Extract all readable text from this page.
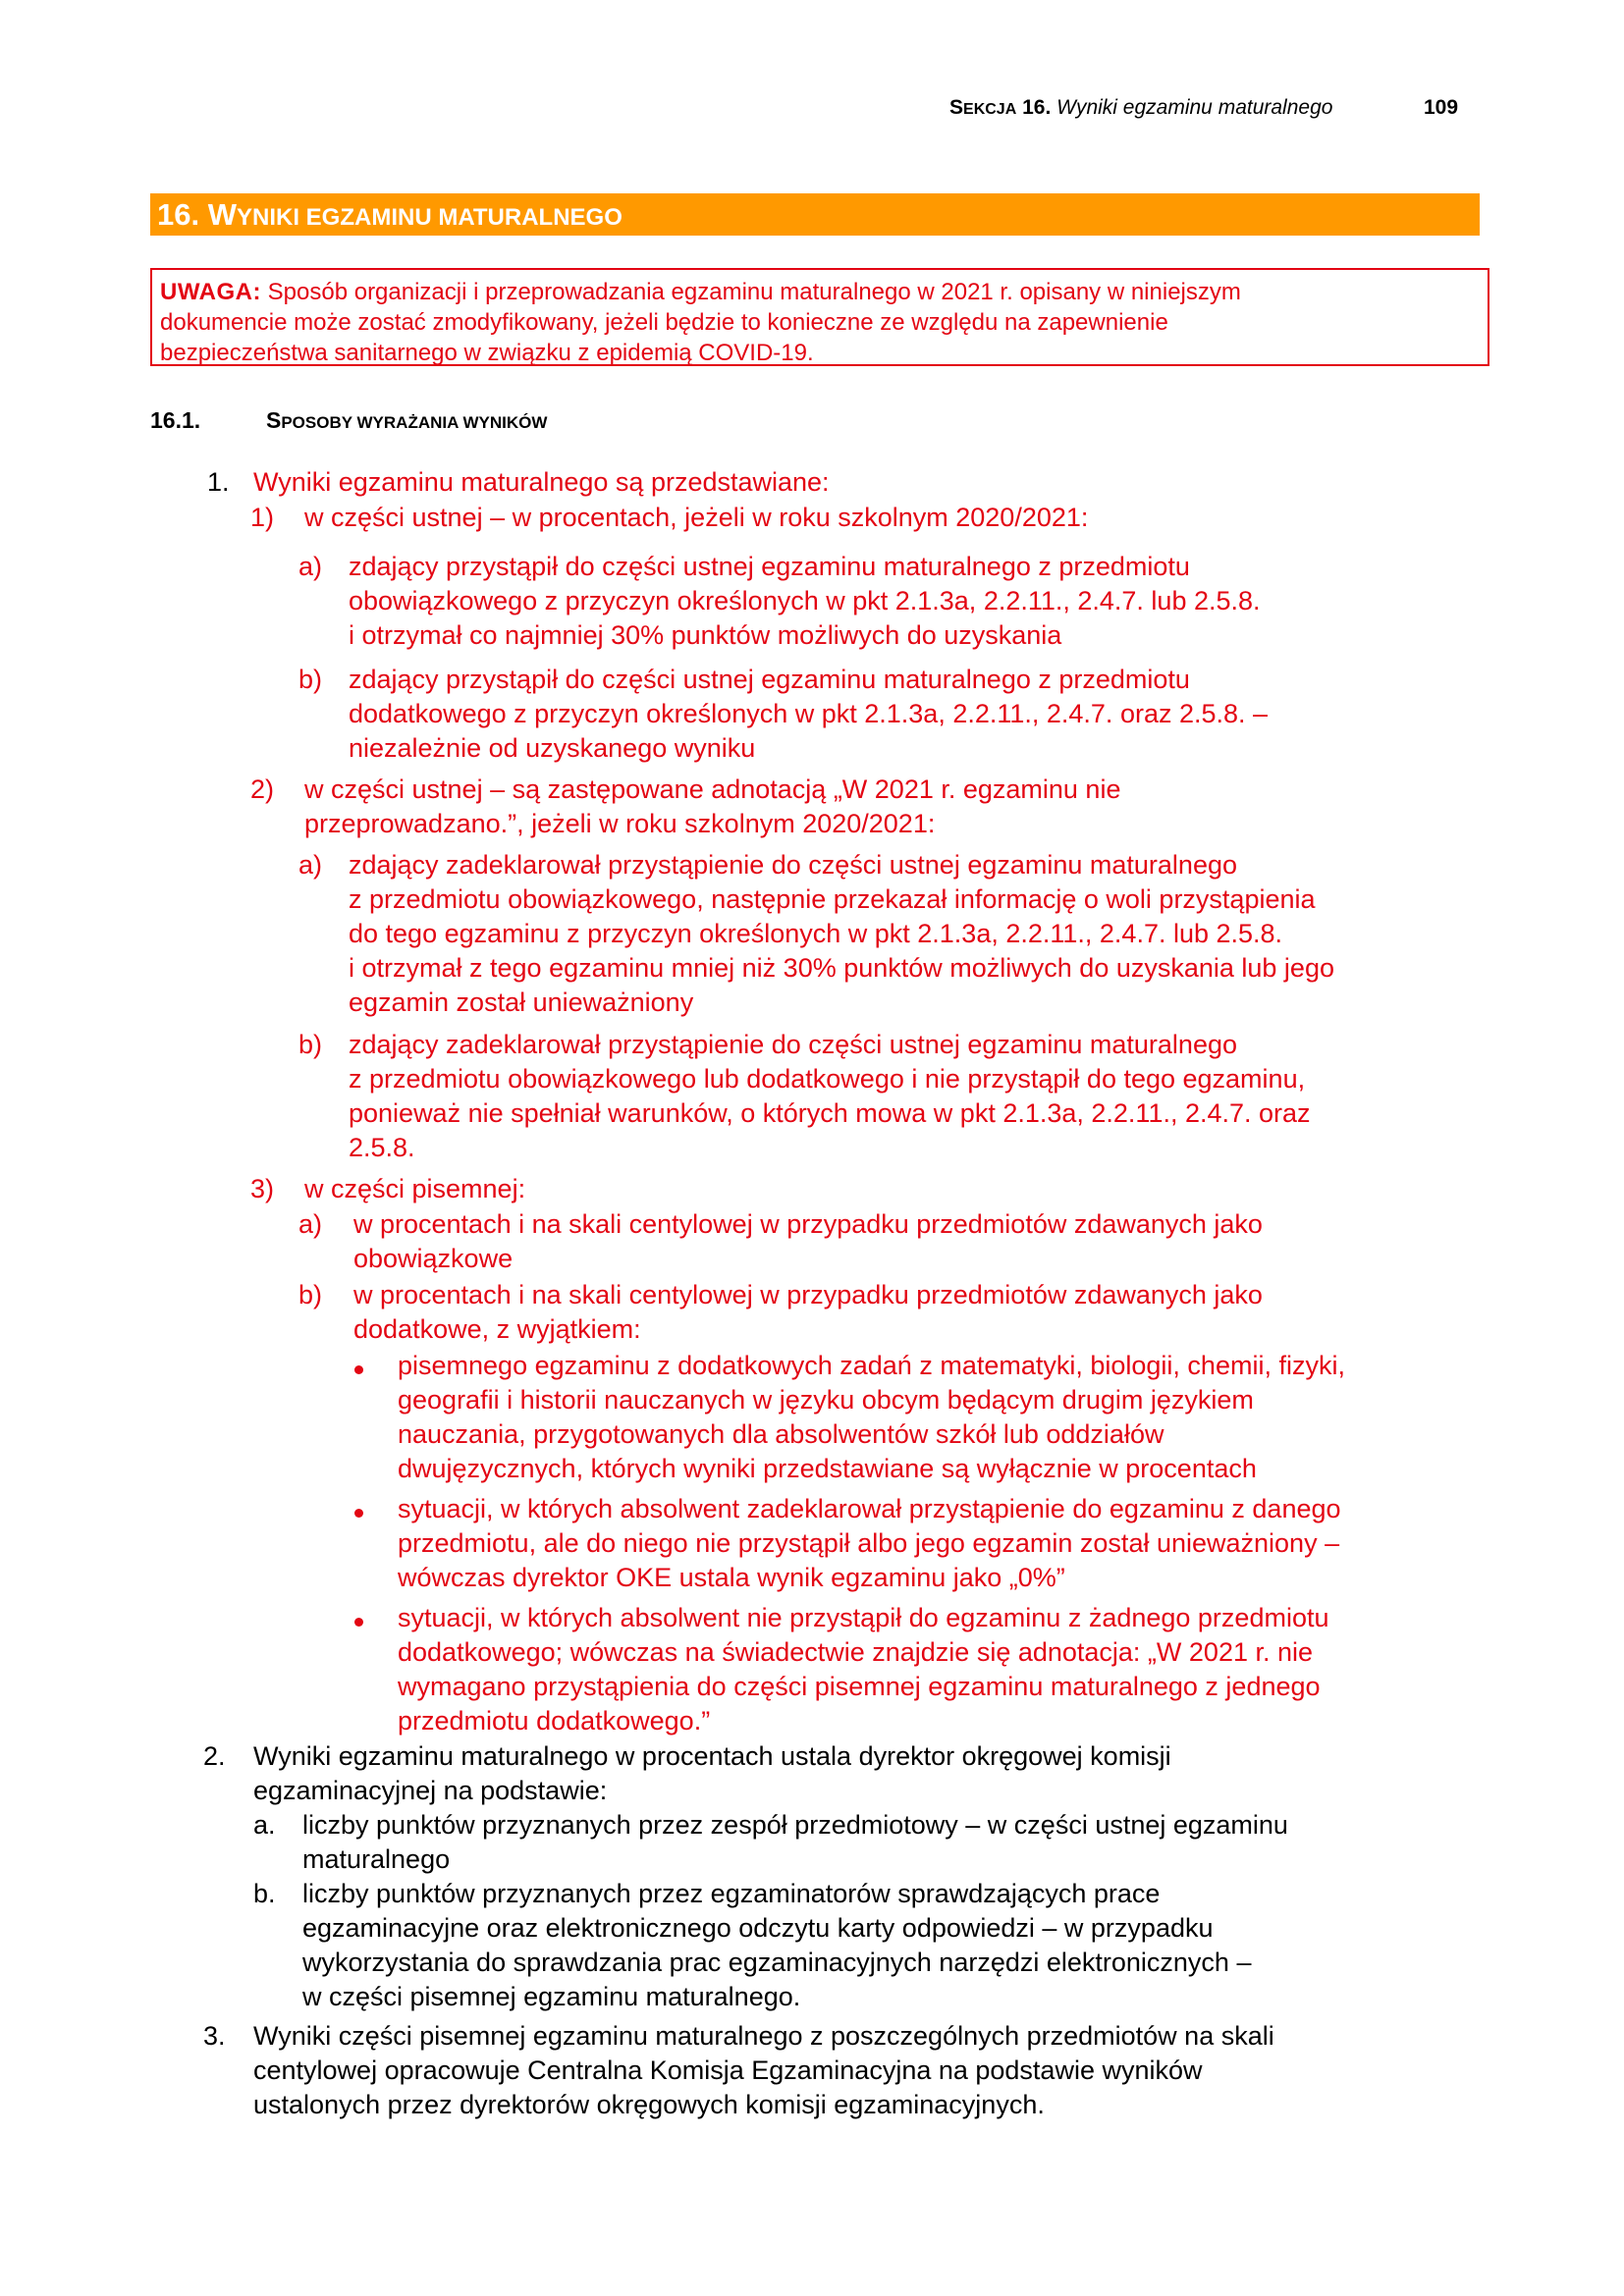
SEKCJA 16. Wyniki egzaminu maturalnego	109
16. WYNIKI EGZAMINU MATURALNEGO
UWAGA: Sposób organizacji i przeprowadzania egzaminu maturalnego w 2021 r. opisany w niniejszym
dokumencie może zostać zmodyfikowany, jeżeli będzie to konieczne ze względu na zapewnienie
bezpieczeństwa sanitarnego w związku z epidemią COVID-19.
16.1.	SPOSOBY WYRAŻANIA WYNIKÓW
1. Wyniki egzaminu maturalnego są przedstawiane:
1) w części ustnej – w procentach, jeżeli w roku szkolnym 2020/2021:
a) zdający przystąpił do części ustnej egzaminu maturalnego z przedmiotu
obowiązkowego z przyczyn określonych w pkt 2.1.3a, 2.2.11., 2.4.7. lub 2.5.8.
i otrzymał co najmniej 30% punktów możliwych do uzyskania
b) zdający przystąpił do części ustnej egzaminu maturalnego z przedmiotu
dodatkowego z przyczyn określonych w pkt 2.1.3a, 2.2.11., 2.4.7. oraz 2.5.8. –
niezależnie od uzyskanego wyniku
2) w części ustnej – są zastępowane adnotacją „W 2021 r. egzaminu nie
przeprowadzano.”, jeżeli w roku szkolnym 2020/2021:
a) zdający zadeklarował przystąpienie do części ustnej egzaminu maturalnego
z przedmiotu obowiązkowego, następnie przekazał informację o woli przystąpienia
do tego egzaminu z przyczyn określonych w pkt 2.1.3a, 2.2.11., 2.4.7. lub 2.5.8.
i otrzymał z tego egzaminu mniej niż 30% punktów możliwych do uzyskania lub jego
egzamin został unieważniony
b) zdający zadeklarował przystąpienie do części ustnej egzaminu maturalnego
z przedmiotu obowiązkowego lub dodatkowego i nie przystąpił do tego egzaminu,
ponieważ nie spełniał warunków, o których mowa w pkt 2.1.3a, 2.2.11., 2.4.7. oraz
2.5.8.
3) w części pisemnej:
a) w procentach i na skali centylowej w przypadku przedmiotów zdawanych jako
obowiązkowe
b) w procentach i na skali centylowej w przypadku przedmiotów zdawanych jako
dodatkowe, z wyjątkiem:
pisemnego egzaminu z dodatkowych zadań z matematyki, biologii, chemii, fizyki,
geografii i historii nauczanych w języku obcym będącym drugim językiem
nauczania, przygotowanych dla absolwentów szkół lub oddziałów
dwujęzycznych, których wyniki przedstawiane są wyłącznie w procentach
sytuacji, w których absolwent zadeklarował przystąpienie do egzaminu z danego
przedmiotu, ale do niego nie przystąpił albo jego egzamin został unieważniony –
wówczas dyrektor OKE ustala wynik egzaminu jako „0%”
sytuacji, w których absolwent nie przystąpił do egzaminu z żadnego przedmiotu
dodatkowego; wówczas na świadectwie znajdzie się adnotacja: „W 2021 r. nie
wymagano przystąpienia do części pisemnej egzaminu maturalnego z jednego
przedmiotu dodatkowego.”
2. Wyniki egzaminu maturalnego w procentach ustala dyrektor okręgowej komisji
egzaminacyjnej na podstawie:
a. liczby punktów przyznanych przez zespół przedmiotowy – w części ustnej egzaminu
maturalnego
b. liczby punktów przyznanych przez egzaminatorów sprawdzających prace
egzaminacyjne oraz elektronicznego odczytu karty odpowiedzi – w przypadku
wykorzystania do sprawdzania prac egzaminacyjnych narzędzi elektronicznych –
w części pisemnej egzaminu maturalnego.
3. Wyniki części pisemnej egzaminu maturalnego z poszczególnych przedmiotów na skali
centylowej opracowuje Centralna Komisja Egzaminacyjna na podstawie wyników
ustalonych przez dyrektorów okręgowych komisji egzaminacyjnych.
